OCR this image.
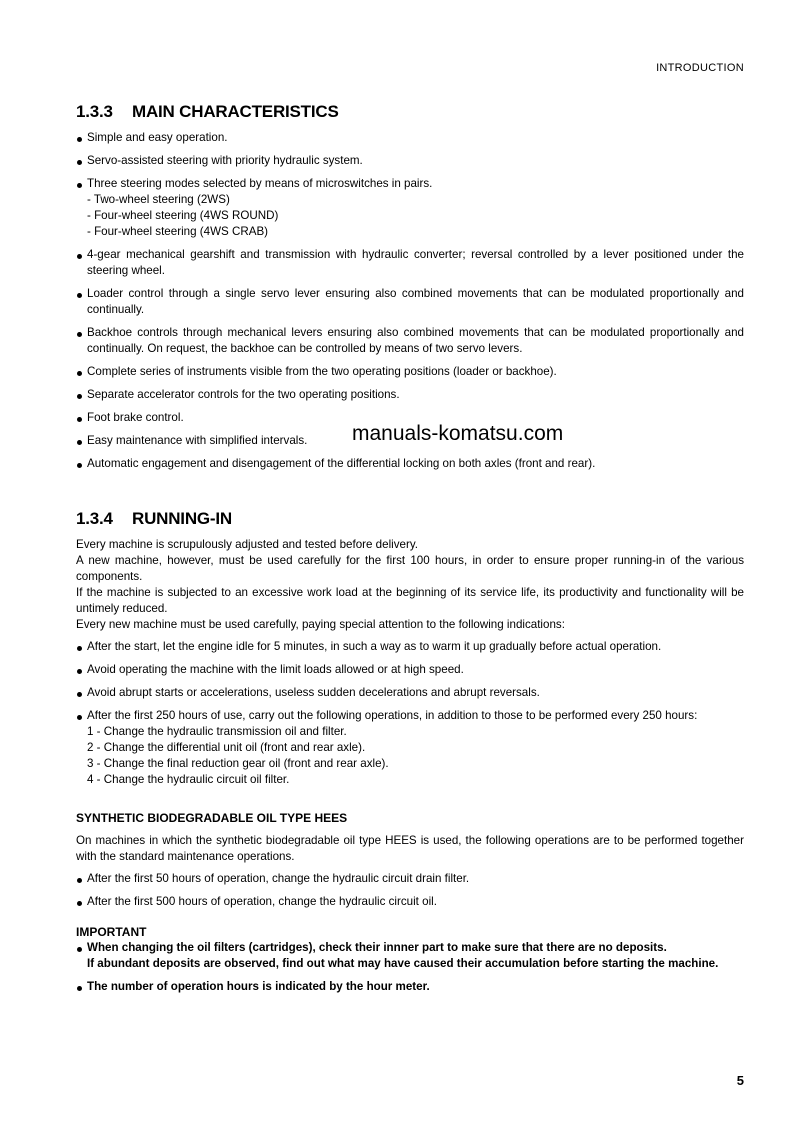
INTRODUCTION
1.3.3 MAIN CHARACTERISTICS
Simple and easy operation.
Servo-assisted steering with priority hydraulic system.
Three steering modes selected by means of microswitches in pairs.
- Two-wheel steering (2WS)
- Four-wheel steering (4WS ROUND)
- Four-wheel steering (4WS CRAB)
4-gear mechanical gearshift and transmission with hydraulic converter; reversal controlled by a lever positioned under the steering wheel.
Loader control through a single servo lever ensuring also combined movements that can be modulated proportionally and continually.
Backhoe controls through mechanical levers ensuring also combined movements that can be modulated proportionally and continually. On request, the backhoe can be controlled by means of two servo levers.
Complete series of instruments visible from the two operating positions (loader or backhoe).
Separate accelerator controls for the two operating positions.
Foot brake control.
Easy maintenance with simplified intervals.
Automatic engagement and disengagement of the differential locking on both axles (front and rear).
manuals-komatsu.com
1.3.4 RUNNING-IN
Every machine is scrupulously adjusted and tested before delivery.
A new machine, however, must be used carefully for the first 100 hours, in order to ensure proper running-in of the various components.
If the machine is subjected to an excessive work load at the beginning of its service life, its productivity and functionality will be untimely reduced.
Every new machine must be used carefully, paying special attention to the following indications:
After the start, let the engine idle for 5 minutes, in such a way as to warm it up gradually before actual operation.
Avoid operating the machine with the limit loads allowed or at high speed.
Avoid abrupt starts or accelerations, useless sudden decelerations and abrupt reversals.
After the first 250 hours of use, carry out the following operations, in addition to those to be performed every 250 hours:
1 - Change the hydraulic transmission oil and filter.
2 - Change the differential unit oil (front and rear axle).
3 - Change the final reduction gear oil (front and rear axle).
4 - Change the hydraulic circuit oil filter.
SYNTHETIC BIODEGRADABLE OIL TYPE HEES
On machines in which the synthetic biodegradable oil type HEES is used, the following operations are to be performed together with the standard maintenance operations.
After the first 50 hours of operation, change the hydraulic circuit drain filter.
After the first 500 hours of operation, change the hydraulic circuit oil.
IMPORTANT
When changing the oil filters (cartridges), check their innner part to make sure that there are no deposits.
If abundant deposits are observed, find out what may have caused their accumulation before starting the machine.
The number of operation hours is indicated by the hour meter.
5
